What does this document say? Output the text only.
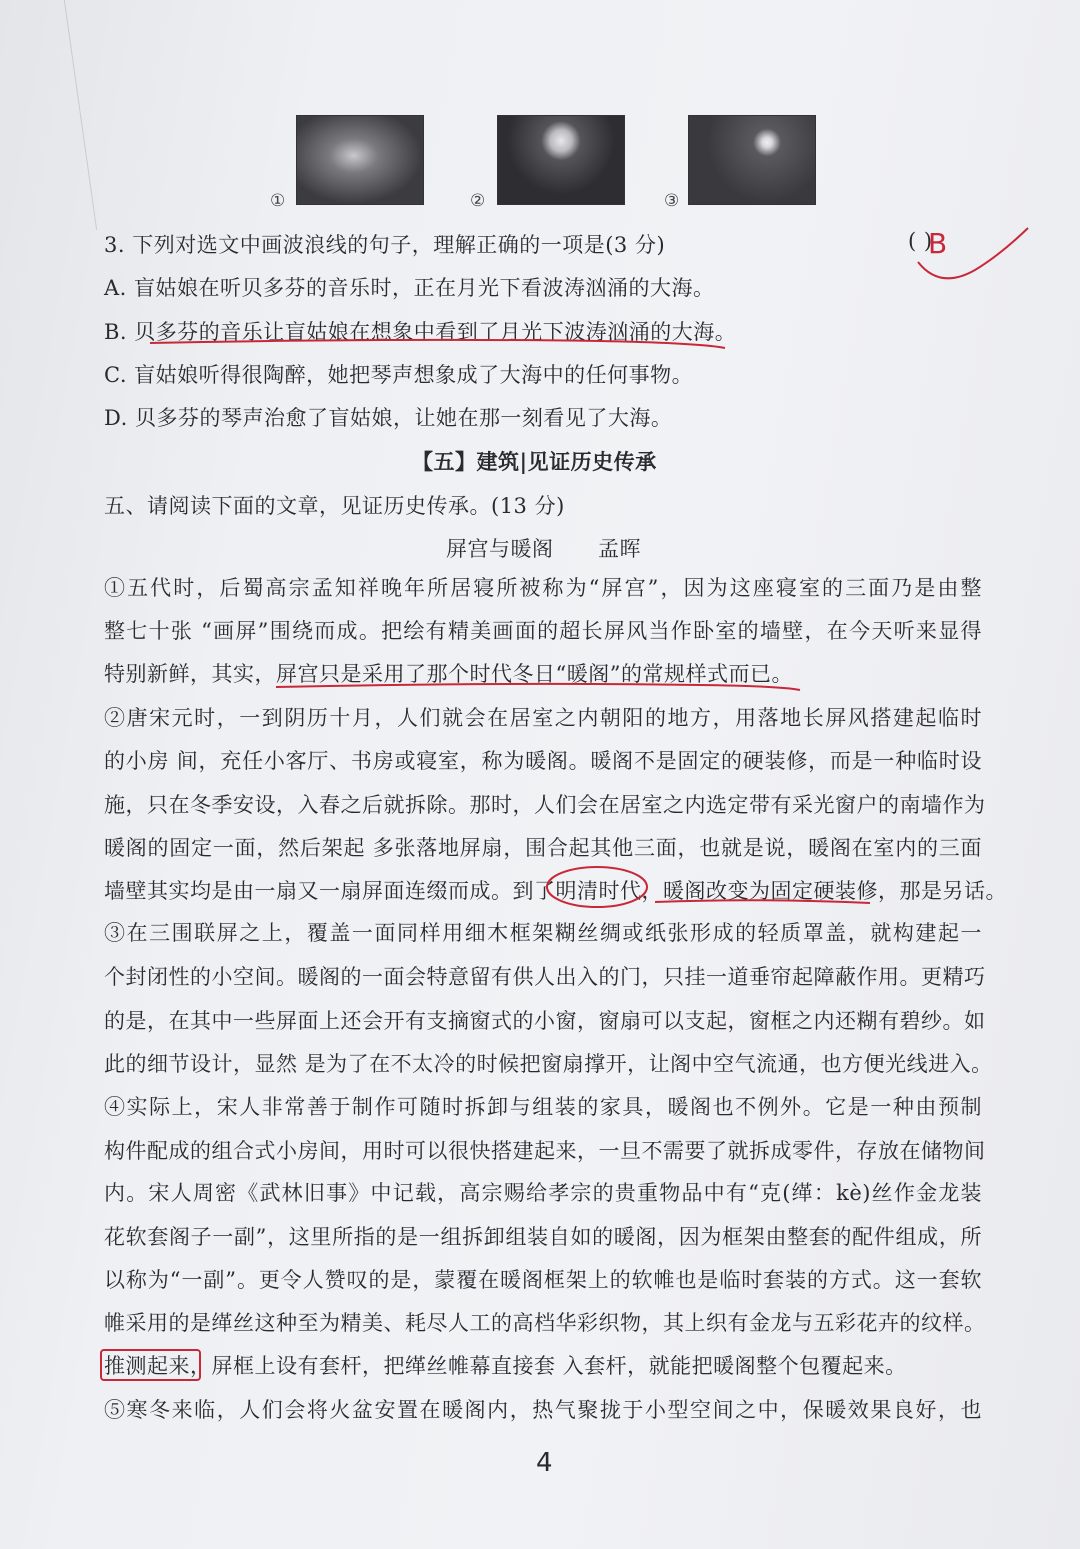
①	②	③
3. 下列对选文中画波浪线的句子，理解正确的一项是(3 分)	( )
B
A. 盲姑娘在听贝多芬的音乐时，正在月光下看波涛汹涌的大海。
B. 贝多芬的音乐让盲姑娘在想象中看到了月光下波涛汹涌的大海。
C. 盲姑娘听得很陶醉，她把琴声想象成了大海中的任何事物。
D. 贝多芬的琴声治愈了盲姑娘，让她在那一刻看见了大海。
【五】建筑|见证历史传承
五、请阅读下面的文章，见证历史传承。(13 分)
屏宫与暖阁 孟晖
①五代时，后蜀高宗孟知祥晚年所居寝所被称为“屏宫”，因为这座寝室的三面乃是由整
整七十张 “画屏”围绕而成。把绘有精美画面的超长屏风当作卧室的墙壁，在今天听来显得
特别新鲜，其实，屏宫只是采用了那个时代冬日“暖阁”的常规样式而已。
②唐宋元时，一到阴历十月，人们就会在居室之内朝阳的地方，用落地长屏风搭建起临时
的小房 间，充任小客厅、书房或寝室，称为暖阁。暖阁不是固定的硬装修，而是一种临时设
施，只在冬季安设，入春之后就拆除。那时，人们会在居室之内选定带有采光窗户的南墙作为
暖阁的固定一面，然后架起 多张落地屏扇，围合起其他三面，也就是说，暖阁在室内的三面
墙壁其实均是由一扇又一扇屏面连缀而成。到了明清时代，暖阁改变为固定硬装修，那是另话。
③在三围联屏之上，覆盖一面同样用细木框架糊丝绸或纸张形成的轻质罩盖，就构建起一
个封闭性的小空间。暖阁的一面会特意留有供人出入的门，只挂一道垂帘起障蔽作用。更精巧
的是，在其中一些屏面上还会开有支摘窗式的小窗，窗扇可以支起，窗框之内还糊有碧纱。如
此的细节设计，显然 是为了在不太冷的时候把窗扇撑开，让阁中空气流通，也方便光线进入。
④实际上，宋人非常善于制作可随时拆卸与组装的家具，暖阁也不例外。它是一种由预制
构件配成的组合式小房间，用时可以很快搭建起来，一旦不需要了就拆成零件，存放在储物间
内。宋人周密《武林旧事》中记载，高宗赐给孝宗的贵重物品中有“克(缂：kè)丝作金龙装
花软套阁子一副”，这里所指的是一组拆卸组装自如的暖阁，因为框架由整套的配件组成，所
以称为“一副”。更令人赞叹的是，蒙覆在暖阁框架上的软帷也是临时套装的方式。这一套软
帷采用的是缂丝这种至为精美、耗尽人工的高档华彩织物，其上织有金龙与五彩花卉的纹样。
推测起来，屏框上设有套杆，把缂丝帷幕直接套 入套杆，就能把暖阁整个包覆起来。
⑤寒冬来临，人们会将火盆安置在暖阁内，热气聚拢于小型空间之中，保暖效果良好，也
4
